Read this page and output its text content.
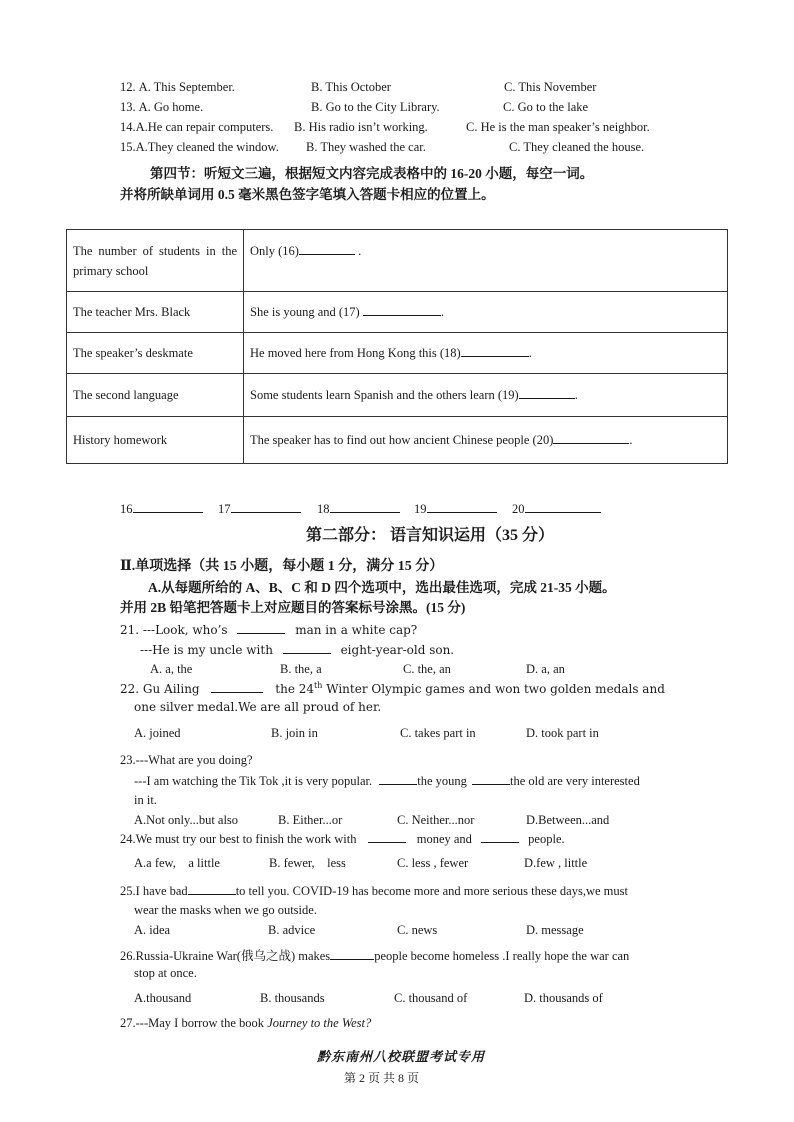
12. A. This September.	B. This October	C. This November
13. A. Go home.	B. Go to the City Library.	C. Go to the lake
14.A.He can repair computers. B. His radio isn’t working.	C. He is the man speaker’s neighbor.
15.A.They cleaned the window. B. They washed the car.	C. They cleaned the house.
第四节：听短文三遍，根据短文内容完成表格中的 16-20 小题，每空一词。
并将所缺单词用 0.5 毫米黑色签字笔填入答题卡相应的位置上。
The number of students in the primary school	Only (16) .
The teacher Mrs. Black	She is young and (17) .
The speaker’s deskmate	He moved here from Hong Kong this (18) .
The second language	Some students learn Spanish and the others learn (19) .
History homework	The speaker has to find out how ancient Chinese people (20) .
16	17	18	19	20
第二部分： 语言知识运用（35 分）
Ⅱ.单项选择（共 15 小题，每小题 1 分，满分 15 分）
A.从每题所给的 A、B、C 和 D 四个选项中，选出最佳选项，完成 21-35 小题。
并用 2B 铅笔把答题卡上对应题目的答案标号涂黑。(15 分)
21. ---Look, who’s	man in a white cap?
---He is my uncle with	eight-year-old son.
A. a, the	B. the, a	C. the, an	D. a, an
22. Gu Ailing	the 24th Winter Olympic games and won two golden medals and
one silver medal.We are all proud of her.
A. joined	B. join in	C. takes part in	D. took part in
23.---What are you doing?
---I am watching the Tik Tok ,it is very popular.	the young	the old are very interested
in it.
A.Not only...but also	B. Either...or	C. Neither...nor	D.Between...and
24.We must try our best to finish the work with	money and	people.
A.a few,    a little	B. fewer,    less	C. less , fewer	D.few , little
25.I have bad	to tell you. COVID-19 has become more and more serious these days,we must
wear the masks when we go outside.
A. idea	B. advice	C. news	D. message
26.Russia-Ukraine War(俄乌之战) makes	people become homeless .I really hope the war can
stop at once.
A.thousand	B. thousands	C. thousand of	D. thousands of
27.---May I borrow the book Journey to the West?
黔东南州八校联盟考试专用
第 2 页 共 8 页
